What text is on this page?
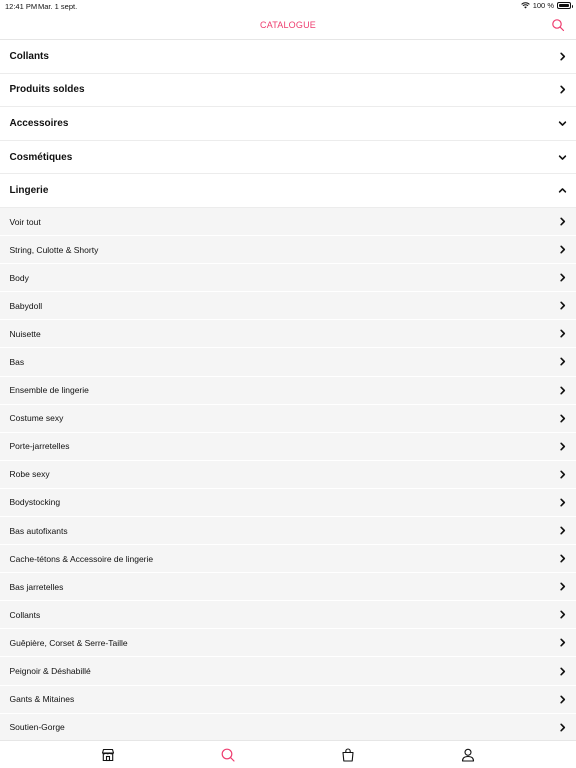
12:41 PM Mar. 1 sept.	100 %
CATALOGUE
Collants
Produits soldes
Accessoires
Cosmétiques
Lingerie
Voir tout
String, Culotte & Shorty
Body
Babydoll
Nuisette
Bas
Ensemble de lingerie
Costume sexy
Porte-jarretelles
Robe sexy
Bodystocking
Bas autofixants
Cache-tétons & Accessoire de lingerie
Bas jarretelles
Collants
Guêpière, Corset & Serre-Taille
Peignoir & Déshabillé
Gants & Mitaines
Soutien-Gorge
